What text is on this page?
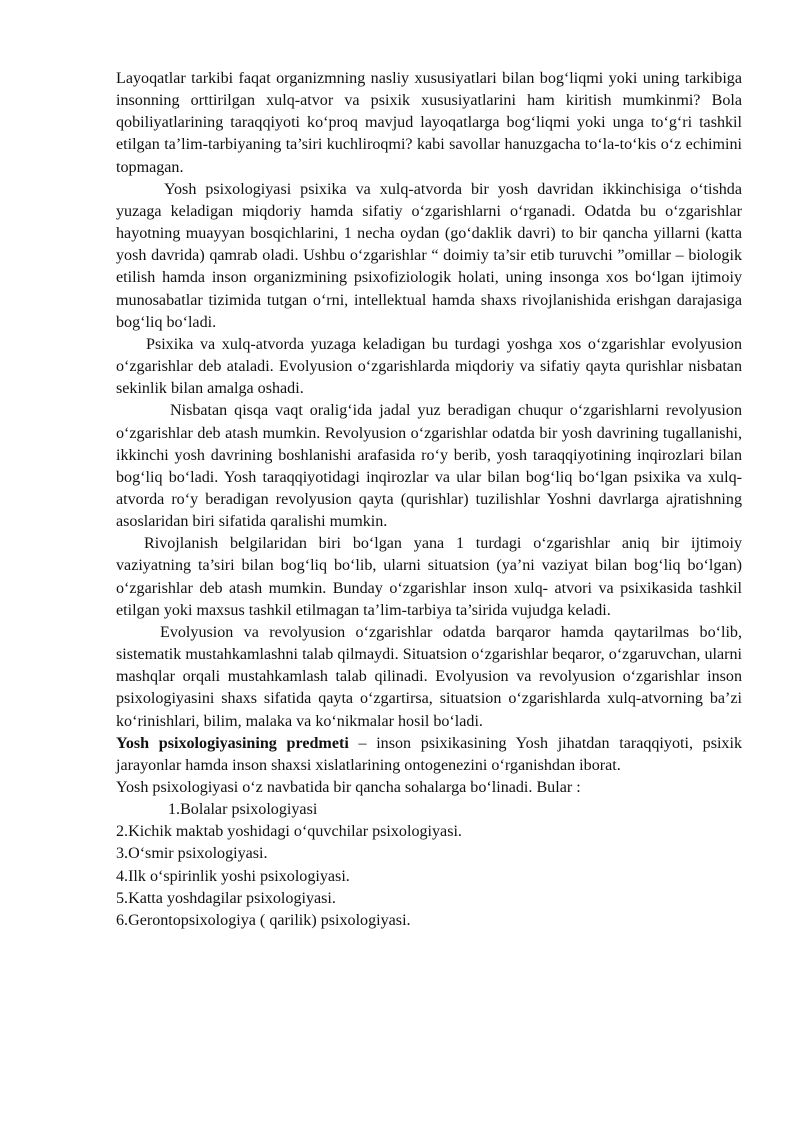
Layoqatlar tarkibi faqat organizmning nasliy xususiyatlari bilan bog‘liqmi yoki uning tarkibiga insonning orttirilgan xulq-atvor va psixik xususiyatlarini ham kiritish mumkinmi? Bola qobiliyatlarining taraqqiyoti ko‘proq mavjud layoqatlarga bog‘liqmi yoki unga to‘g‘ri tashkil etilgan ta’lim-tarbiyaning ta’siri kuchliroqmi? kabi savollar hanuzgacha to‘la-to‘kis o‘z echimini topmagan.

Yosh psixologiyasi psixika va xulq-atvorda bir yosh davridan ikkinchisiga o‘tishda yuzaga keladigan miqdoriy hamda sifatiy o‘zgarishlarni o‘rganadi. Odatda bu o‘zgarishlar hayotning muayyan bosqichlarini, 1 necha oydan (go‘daklik davri) to bir qancha yillarni (katta yosh davrida) qamrab oladi. Ushbu o‘zgarishlar “ doimiy ta’sir etib turuvchi ”omillar – biologik etilish hamda inson organizmining psixofiziologik holati, uning insonga xos bo‘lgan ijtimoiy munosabatlar tizimida tutgan o‘rni, intellektual hamda shaxs rivojlanishida erishgan darajasiga bog‘liq bo‘ladi.

Psixika va xulq-atvorda yuzaga keladigan bu turdagi yoshga xos o‘zgarishlar evolyusion o‘zgarishlar deb ataladi. Evolyusion o‘zgarishlarda miqdoriy va sifatiy qayta qurishlar nisbatan sekinlik bilan amalga oshadi.

Nisbatan qisqa vaqt oralig‘ida jadal yuz beradigan chuqur o‘zgarishlarni revolyusion o‘zgarishlar deb atash mumkin. Revolyusion o‘zgarishlar odatda bir yosh davrining tugallanishi, ikkinchi yosh davrining boshlanishi arafasida ro‘y berib, yosh taraqqiyotining inqirozlari bilan bog‘liq bo‘ladi. Yosh taraqqiyotidagi inqirozlar va ular bilan bog‘liq bo‘lgan psixika va xulq-atvorda ro‘y beradigan revolyusion qayta (qurishlar) tuzilishlar Yoshni davrlarga ajratishning asoslaridan biri sifatida qaralishi mumkin.

Rivojlanish belgilaridan biri bo‘lgan yana 1 turdagi o‘zgarishlar aniq bir ijtimoiy vaziyatning ta’siri bilan bog‘liq bo‘lib, ularni situatsion (ya’ni vaziyat bilan bog‘liq bo‘lgan) o‘zgarishlar deb atash mumkin. Bunday o‘zgarishlar inson xulq- atvori va psixikasida tashkil etilgan yoki maxsus tashkil etilmagan ta’lim-tarbiya ta’sirida vujudga keladi.

Evolyusion va revolyusion o‘zgarishlar odatda barqaror hamda qaytarilmas bo‘lib, sistematik mustahkamlashni talab qilmaydi. Situatsion o‘zgarishlar beqaror, o‘zgaruvchan, ularni mashqlar orqali mustahkamlash talab qilinadi. Evolyusion va revolyusion o‘zgarishlar inson psixologiyasini shaxs sifatida qayta o‘zgartirsa, situatsion o‘zgarishlarda xulq-atvorning ba’zi ko‘rinishlari, bilim, malaka va ko‘nikmalar hosil bo‘ladi.

Yosh psixologiyasining predmeti – inson psixikasining Yosh jihatdan taraqqiyoti, psixik jarayonlar hamda inson shaxsi xislatlarining ontogenezini o‘rganishdan iborat.

Yosh psixologiyasi o‘z navbatida bir qancha sohalarga bo‘linadi. Bular :

1.Bolalar psixologiyasi
2.Kichik maktab yoshidagi o‘quvchilar psixologiyasi.
3.O‘smir psixologiyasi.
4.Ilk o‘spirinlik yoshi psixologiyasi.
5.Katta yoshdagilar psixologiyasi.
6.Gerontopsixologiya ( qarilik) psixologiyasi.
